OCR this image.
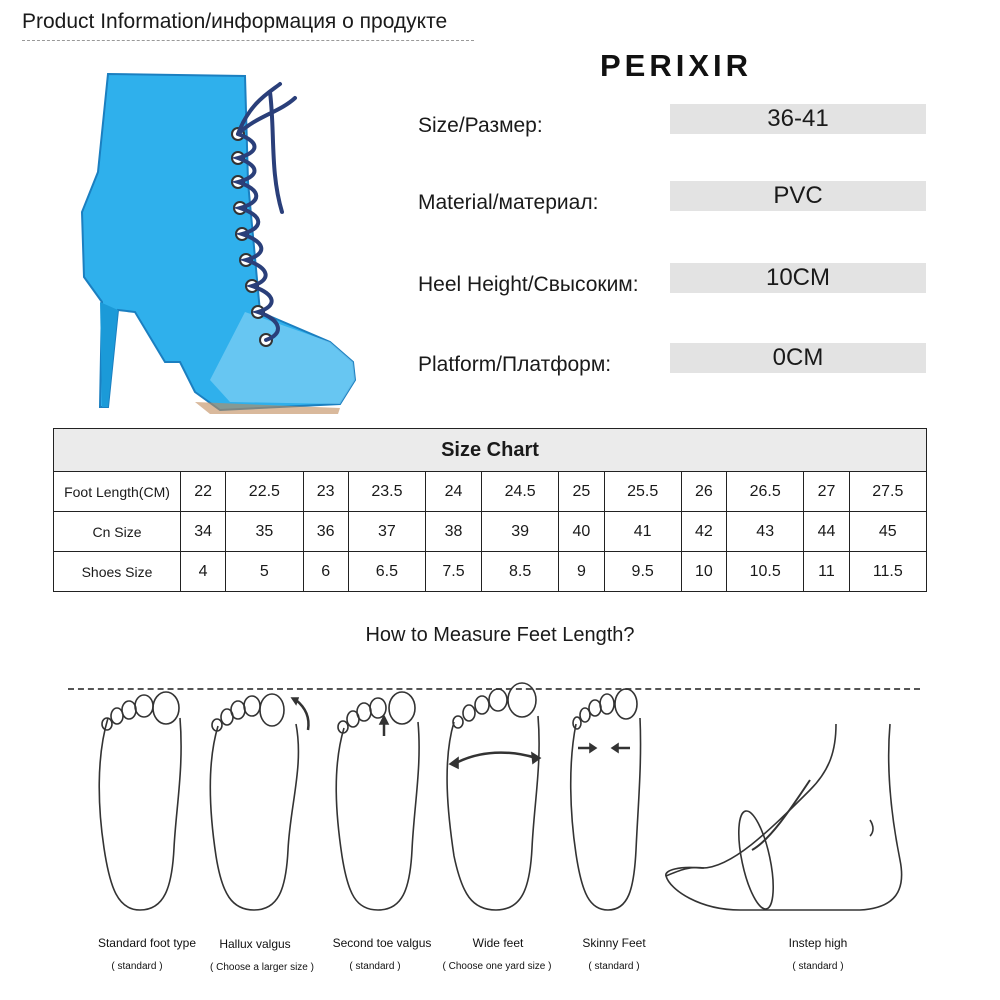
Product Information/информация о продукте
PERIXIR
Size/Размер:	36-41
Material/материал:	PVC
Heel Height/Свысоким:	10CM
Platform/Платформ:	0CM
Size Chart												
Foot Length(CM)	22	22.5	23	23.5	24	24.5	25	25.5	26	26.5	27	27.5
Cn Size	34	35	36	37	38	39	40	41	42	43	44	45
Shoes Size	4	5	6	6.5	7.5	8.5	9	9.5	10	10.5	11	11.5
How to Measure Feet Length?
Standard foot type
( standard )
Hallux valgus
( Choose a larger size )
Second toe valgus
( standard )
Wide feet
( Choose one yard size )
Skinny Feet
( standard )
Instep high
( standard )
